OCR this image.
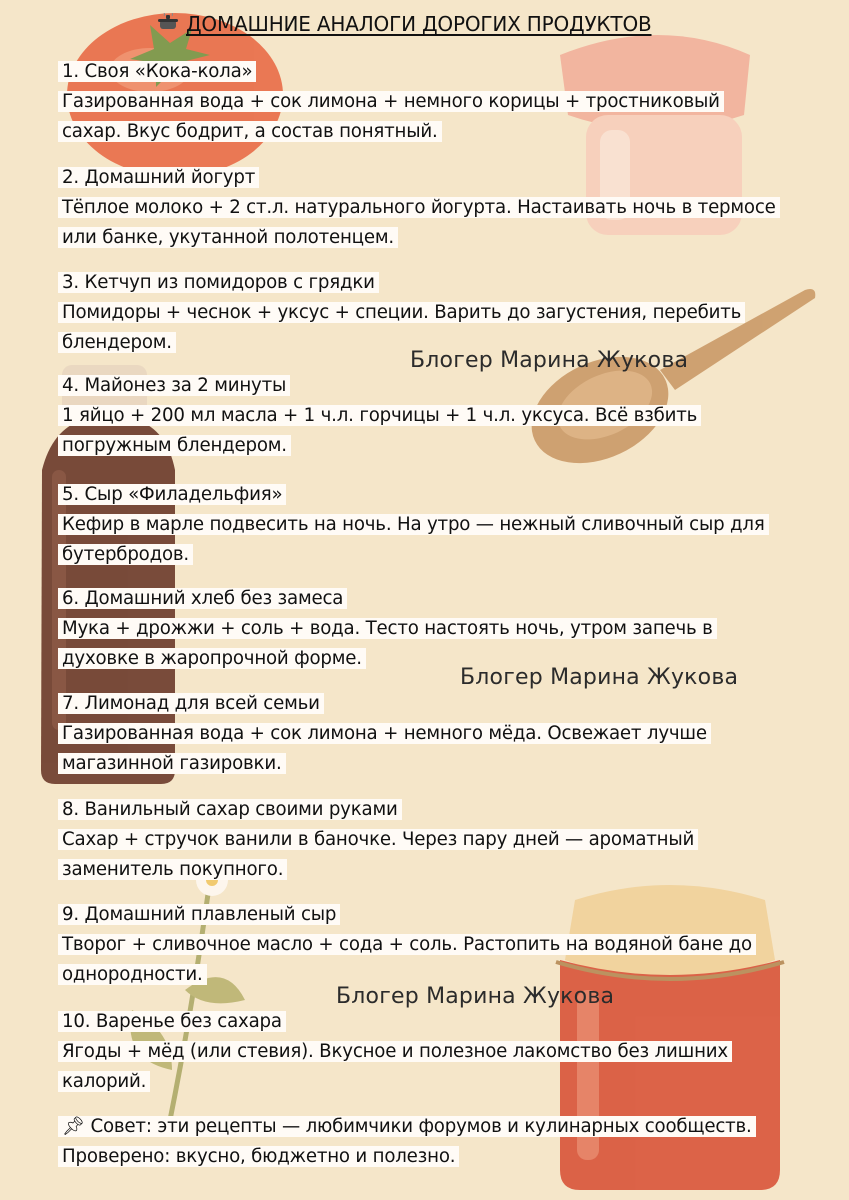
ДОМАШНИЕ АНАЛОГИ ДОРОГИХ ПРОДУКТОВ
1. Своя «Кока-кола»
Газированная вода + сок лимона + немного корицы + тростниковый сахар. Вкус бодрит, а состав понятный.
2. Домашний йогурт
Тёплое молоко + 2 ст.л. натурального йогурта. Настаивать ночь в термосе или банке, укутанной полотенцем.
3. Кетчуп из помидоров с грядки
Помидоры + чеснок + уксус + специи. Варить до загустения, перебить блендером.
4. Майонез за 2 минуты
1 яйцо + 200 мл масла + 1 ч.л. горчицы + 1 ч.л. уксуса. Всё взбить погружным блендером.
5. Сыр «Филадельфия»
Кефир в марле подвесить на ночь. На утро — нежный сливочный сыр для бутербродов.
6. Домашний хлеб без замеса
Мука + дрожжи + соль + вода. Тесто настоять ночь, утром запечь в духовке в жаропрочной форме.
7. Лимонад для всей семьи
Газированная вода + сок лимона + немного мёда. Освежает лучше магазинной газировки.
8. Ванильный сахар своими руками
Сахар + стручок ванили в баночке. Через пару дней — ароматный заменитель покупного.
9. Домашний плавленый сыр
Творог + сливочное масло + сода + соль. Растопить на водяной бане до однородности.
10. Варенье без сахара
Ягоды + мёд (или стевия). Вкусное и полезное лакомство без лишних калорий.
Блогер Марина Жукова
Блогер Марина Жукова
Блогер Марина Жукова
📌︎ Совет: эти рецепты — любимчики форумов и кулинарных сообществ.
Проверено: вкусно, бюджетно и полезно.
